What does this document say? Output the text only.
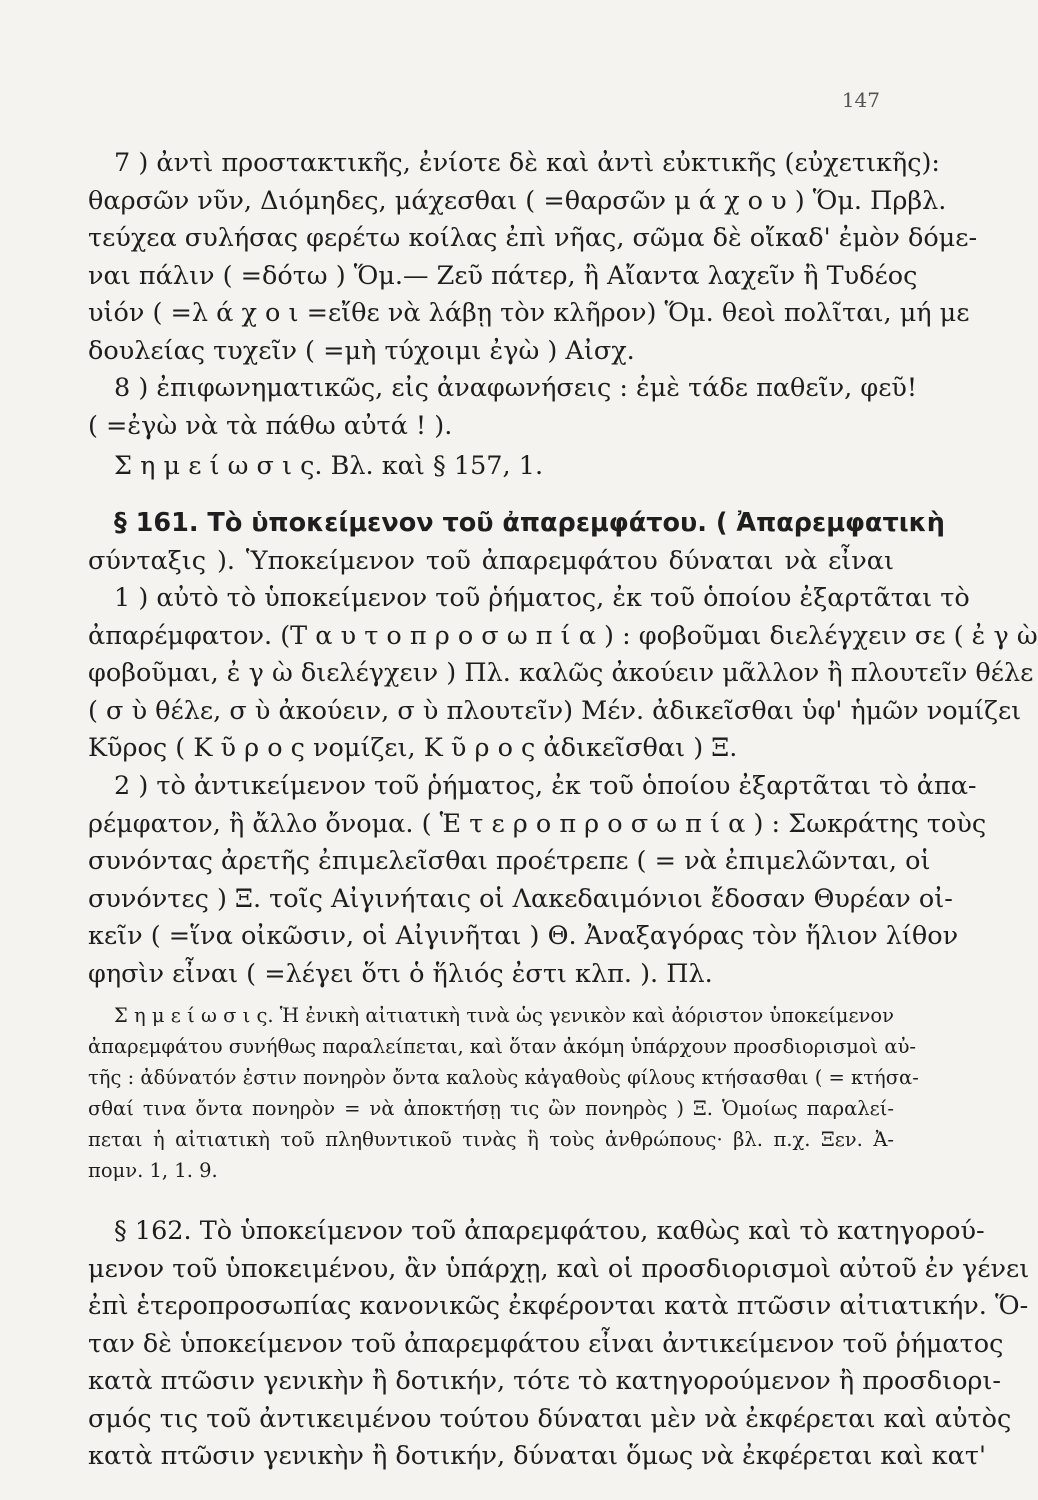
147
7 ) ἀντὶ προστακτικῆς, ἐνίοτε δὲ καὶ ἀντὶ εὐκτικῆς (εὐχετικῆς):
θαρσῶν νῦν, Διόμηδες, μάχεσθαι ( =θαρσῶν μ ά χ ο υ ) Ὅμ. Πρβλ.
τεύχεα συλήσας φερέτω κοίλας ἐπὶ νῆας, σῶμα δὲ οἴκαδ' ἐμὸν δόμε-
ναι πάλιν ( =δότω ) Ὅμ.— Ζεῦ πάτερ, ἢ Αἴαντα λαχεῖν ἢ Τυδέος
υἱόν ( =λ ά χ ο ι =εἴθε νὰ λάβῃ τὸν κλῆρον) Ὅμ. θεοὶ πολῖται, μή με
δουλείας τυχεῖν ( =μὴ τύχοιμι ἐγὼ ) Αἰσχ.
8 ) ἐπιφωνηματικῶς, εἰς ἀναφωνήσεις : ἐμὲ τάδε παθεῖν, φεῦ!
( =ἐγὼ νὰ τὰ πάθω αὐτά ! ).
Σ η μ ε ί ω σ ι ς. Βλ. καὶ § 157, 1.
§ 161. Τὸ ὑποκείμενον τοῦ ἀπαρεμφάτου. ( Ἀπαρεμφατικὴ
σύνταξις ). Ὑποκείμενον τοῦ ἀπαρεμφάτου δύναται νὰ εἶναι
1 ) αὐτὸ τὸ ὑποκείμενον τοῦ ῥήματος, ἐκ τοῦ ὁποίου ἐξαρτᾶται τὸ
ἀπαρέμφατον. (Τ α υ τ ο π ρ ο σ ω π ί α ) : φοβοῦμαι διελέγχειν σε ( ἐ γ ὼ
φοβοῦμαι, ἐ γ ὼ διελέγχειν ) Πλ. καλῶς ἀκούειν μᾶλλον ἢ πλουτεῖν θέλε
( σ ὺ θέλε, σ ὺ ἀκούειν, σ ὺ πλουτεῖν) Μέν. ἀδικεῖσθαι ὑφ' ἡμῶν νομίζει
Κῦρος ( Κ ῦ ρ ο ς νομίζει, Κ ῦ ρ ο ς ἀδικεῖσθαι ) Ξ.
2 ) τὸ ἀντικείμενον τοῦ ῥήματος, ἐκ τοῦ ὁποίου ἐξαρτᾶται τὸ ἀπα-
ρέμφατον, ἢ ἄλλο ὄνομα. ( Ἑ τ ε ρ ο π ρ ο σ ω π ί α ) : Σωκράτης τοὺς
συνόντας ἀρετῆς ἐπιμελεῖσθαι προέτρεπε ( = νὰ ἐπιμελῶνται, οἱ
συνόντες ) Ξ. τοῖς Αἰγινήταις οἱ Λακεδαιμόνιοι ἔδοσαν Θυρέαν οἰ-
κεῖν ( =ἵνα οἰκῶσιν, οἱ Αἰγινῆται ) Θ. Ἀναξαγόρας τὸν ἥλιον λίθον
φησὶν εἶναι ( =λέγει ὅτι ὁ ἥλιός ἐστι κλπ. ). Πλ.
Σ η μ ε ί ω σ ι ς. Ἡ ἐνικὴ αἰτιατικὴ τινὰ ὡς γενικὸν καὶ ἀόριστον ὑποκείμενον
ἀπαρεμφάτου συνήθως παραλείπεται, καὶ ὅταν ἀκόμη ὑπάρχουν προσδιορισμοὶ αὐ-
τῆς : ἀδύνατόν ἐστιν πονηρὸν ὄντα καλοὺς κἀγαθοὺς φίλους κτήσασθαι ( = κτήσα-
σθαί τινα ὄντα πονηρὸν = νὰ ἀποκτήσῃ τις ὢν πονηρὸς ) Ξ. Ὁμοίως παραλεί-
πεται ἡ αἰτιατικὴ τοῦ πληθυντικοῦ τινὰς ἢ τοὺς ἀνθρώπους· βλ. π.χ. Ξεν. Ἀ-
πομν. 1, 1. 9.
§ 162. Τὸ ὑποκείμενον τοῦ ἀπαρεμφάτου, καθὼς καὶ τὸ κατηγορού-
μενον τοῦ ὑποκειμένου, ἂν ὑπάρχῃ, καὶ οἱ προσδιορισμοὶ αὐτοῦ ἐν γένει
ἐπὶ ἑτεροπροσωπίας κανονικῶς ἐκφέρονται κατὰ πτῶσιν αἰτιατικήν. Ὅ-
ταν δὲ ὑποκείμενον τοῦ ἀπαρεμφάτου εἶναι ἀντικείμενον τοῦ ῥήματος
κατὰ πτῶσιν γενικὴν ἢ δοτικήν, τότε τὸ κατηγορούμενον ἢ προσδιορι-
σμός τις τοῦ ἀντικειμένου τούτου δύναται μὲν νὰ ἐκφέρεται καὶ αὐτὸς
κατὰ πτῶσιν γενικὴν ἢ δοτικήν, δύναται ὅμως νὰ ἐκφέρεται καὶ κατ'
